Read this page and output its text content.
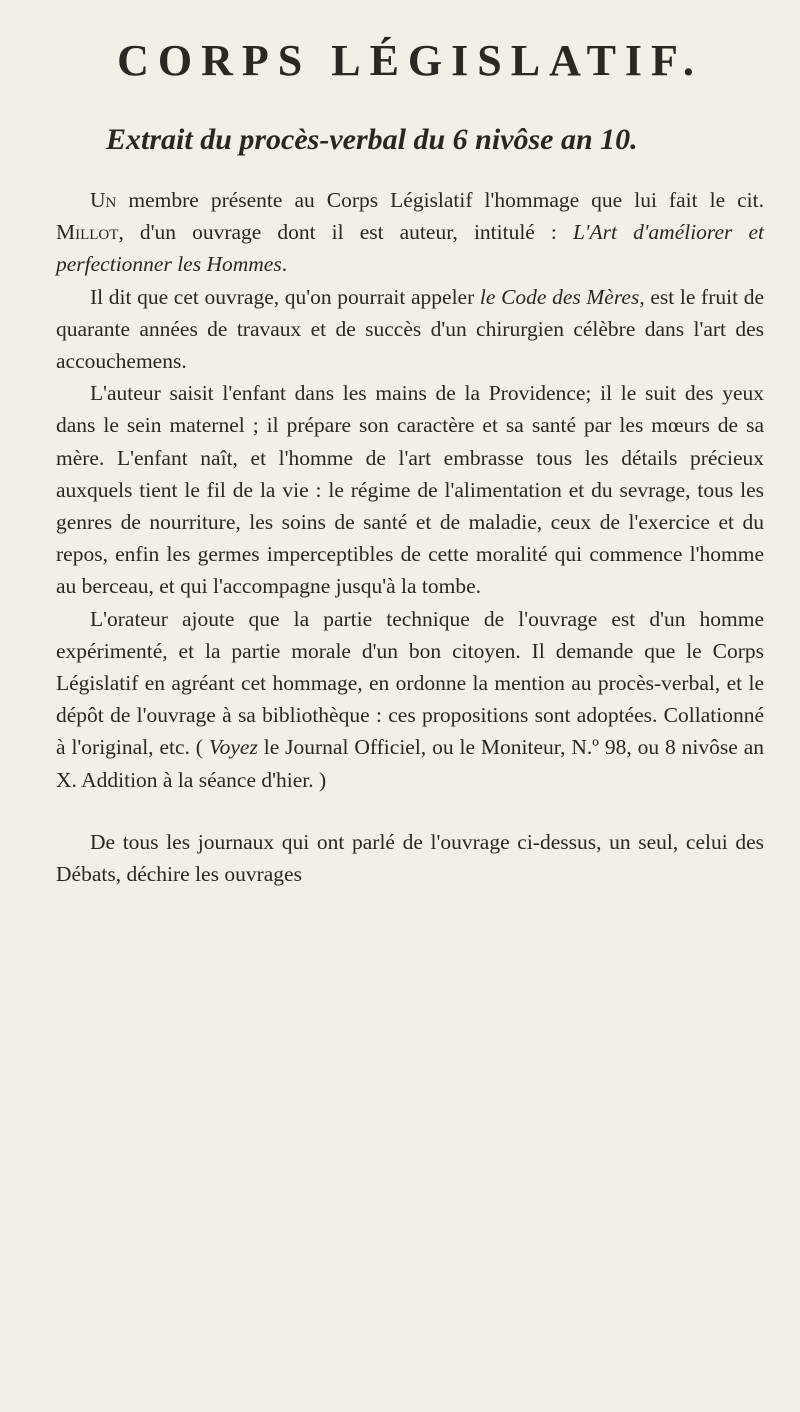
CORPS LÉGISLATIF.
Extrait du procès-verbal du 6 nivôse an 10.

Un membre présente au Corps Législatif l'hommage que lui fait le cit. Millot, d'un ouvrage dont il est auteur, intitulé : L'Art d'améliorer et perfectionner les Hommes.

Il dit que cet ouvrage, qu'on pourrait appeler le Code des Mères, est le fruit de quarante années de travaux et de succès d'un chirurgien célèbre dans l'art des accouchemens.

L'auteur saisit l'enfant dans les mains de la Providence; il le suit des yeux dans le sein maternel ; il prépare son caractère et sa santé par les mœurs de sa mère. L'enfant naît, et l'homme de l'art embrasse tous les détails précieux auxquels tient le fil de la vie : le régime de l'alimentation et du sevrage, tous les genres de nourriture, les soins de santé et de maladie, ceux de l'exercice et du repos, enfin les germes imperceptibles de cette moralité qui commence l'homme au berceau, et qui l'accompagne jusqu'à la tombe.

L'orateur ajoute que la partie technique de l'ouvrage est d'un homme expérimenté, et la partie morale d'un bon citoyen. Il demande que le Corps Législatif en agréant cet hommage, en ordonne la mention au procès-verbal, et le dépôt de l'ouvrage à sa bibliothèque : ces propositions sont adoptées. Collationné à l'original, etc. ( Voyez le Journal Officiel, ou le Moniteur, N.º 98, ou 8 nivôse an X. Addition à la séance d'hier. )

De tous les journaux qui ont parlé de l'ouvrage ci-dessus, un seul, celui des Débats, déchire les ouvrages
